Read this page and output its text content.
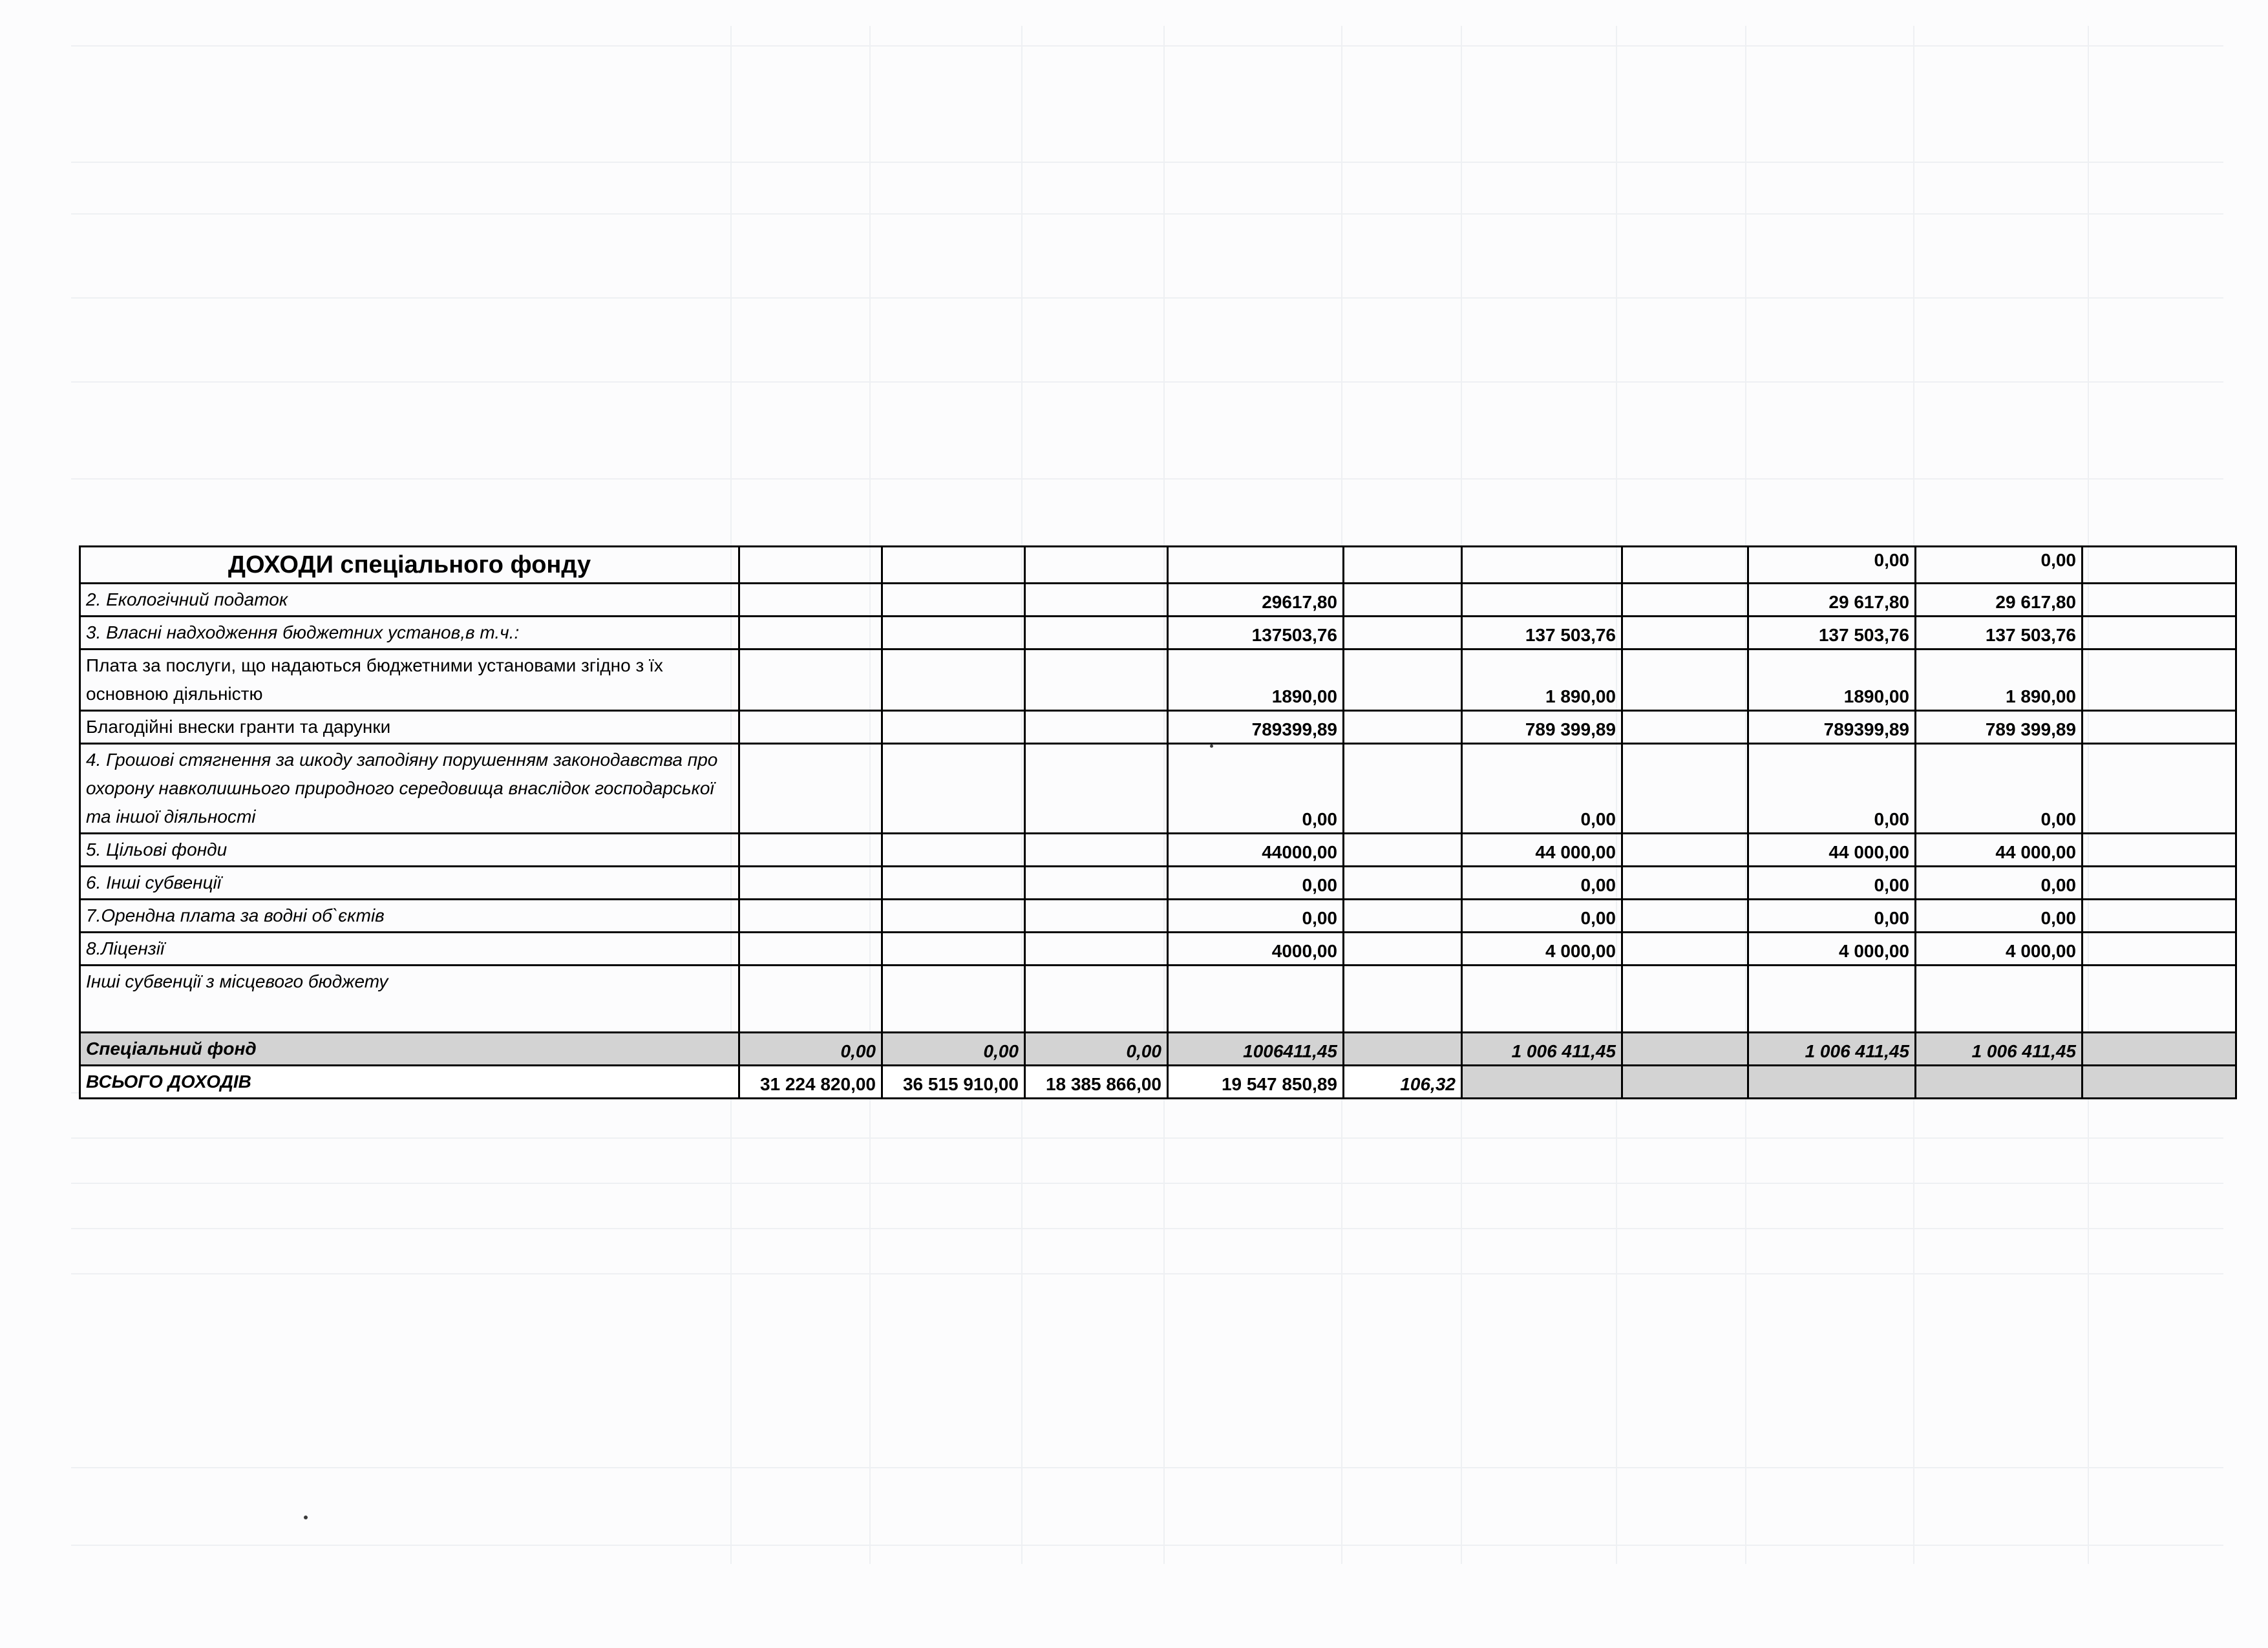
ДОХОДИ спеціального фонду								0,00	0,00	
2. Екологічний податок				29617,80				29 617,80	29 617,80	
3. Власні надходження бюджетних установ,в т.ч.:				137503,76		137 503,76		137 503,76	137 503,76	
Плата за послуги, що надаються бюджетними установами згідно з їх основною діяльністю				1890,00		1 890,00		1890,00	1 890,00	
Благодійні внески гранти та дарунки				789399,89		789 399,89		789399,89	789 399,89	
4. Грошові стягнення за шкоду заподіяну порушенням законодавства про охорону навколишнього природного середовища внаслідок господарської та іншої діяльності				0,00		0,00		0,00	0,00	
5. Цільові фонди				44000,00		44 000,00		44 000,00	44 000,00	
6. Інші субвенції				0,00		0,00		0,00	0,00	
7.Орендна плата за водні об`єктів				0,00		0,00		0,00	0,00	
8.Ліцензії				4000,00		4 000,00		4 000,00	4 000,00	
Інші субвенції з місцевого бюджету										
Спеціальний фонд	0,00	0,00	0,00	1006411,45		1 006 411,45		1 006 411,45	1 006 411,45	
ВСЬОГО ДОХОДІВ	31 224 820,00	36 515 910,00	18 385 866,00	19 547 850,89	106,32					
